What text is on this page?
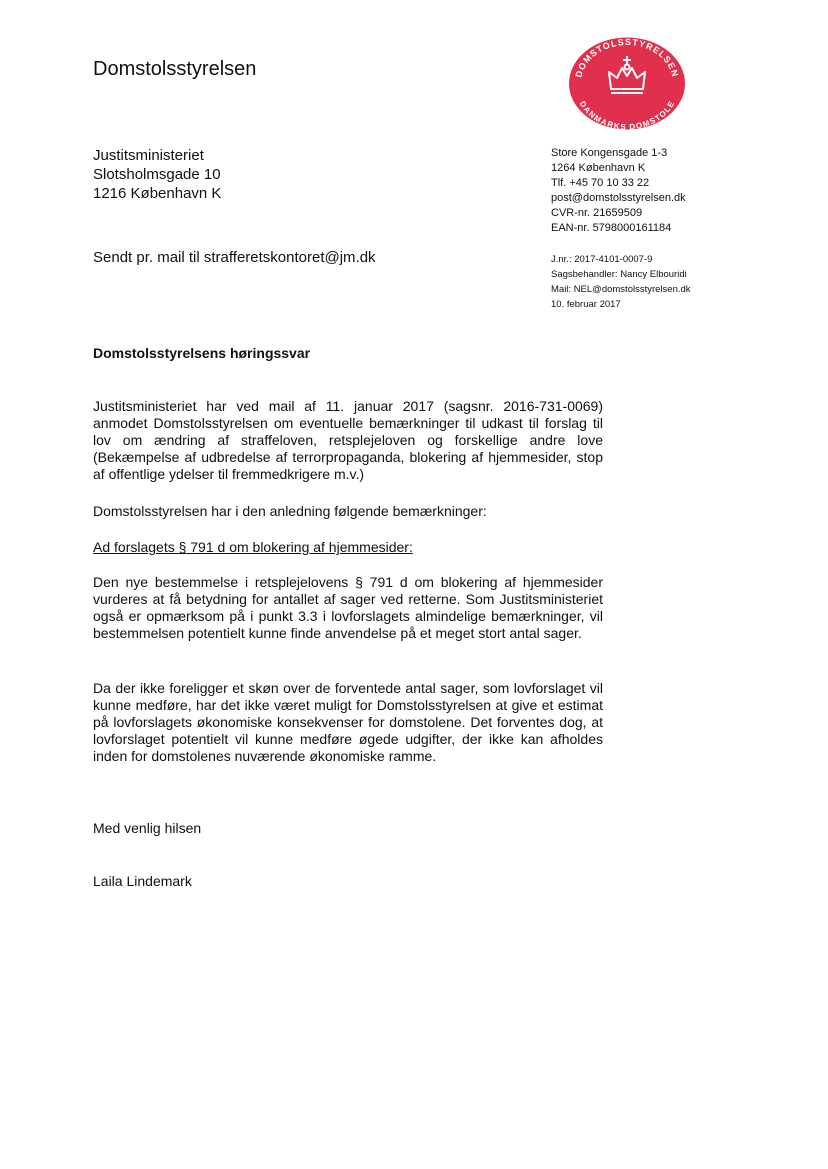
Domstolsstyrelsen	DOMSTOLSSTYRELSEN
DANMARKS DOMSTOLE
Justitsministeriet
Slotsholmsgade 10
1216 København K
Store Kongensgade 1-3
1264 København K
Tlf. +45 70 10 33 22
post@domstolsstyrelsen.dk
CVR-nr. 21659509
EAN-nr. 5798000161184
Sendt pr. mail til strafferetskontoret@jm.dk	J.nr.: 2017-4101-0007-9
Sagsbehandler: Nancy Elbouridi
Mail: NEL@domstolsstyrelsen.dk
10. februar 2017
Domstolsstyrelsens høringssvar

Justitsministeriet har ved mail af 11. januar 2017 (sagsnr. 2016-731-0069) anmodet Domstolsstyrelsen om eventuelle bemærkninger til udkast til forslag til lov om ændring af straffeloven, retsplejeloven og forskellige andre love (Bekæmpelse af udbredelse af terrorpropaganda, blokering af hjemmesider, stop af offentlige ydelser til fremmedkrigere m.v.)

Domstolsstyrelsen har i den anledning følgende bemærkninger:

Ad forslagets § 791 d om blokering af hjemmesider:

Den nye bestemmelse i retsplejelovens § 791 d om blokering af hjemmesider vurderes at få betydning for antallet af sager ved retterne. Som Justitsministeriet også er opmærksom på i punkt 3.3 i lovforslagets almindelige bemærkninger, vil bestemmelsen potentielt kunne finde anvendelse på et meget stort antal sager.

Da der ikke foreligger et skøn over de forventede antal sager, som lovforslaget vil kunne medføre, har det ikke været muligt for Domstolsstyrelsen at give et estimat på lovforslagets økonomiske konsekvenser for domstolene. Det forventes dog, at lovforslaget potentielt vil kunne medføre øgede udgifter, der ikke kan afholdes inden for domstolenes nuværende økonomiske ramme.

Med venlig hilsen
Laila Lindemark
